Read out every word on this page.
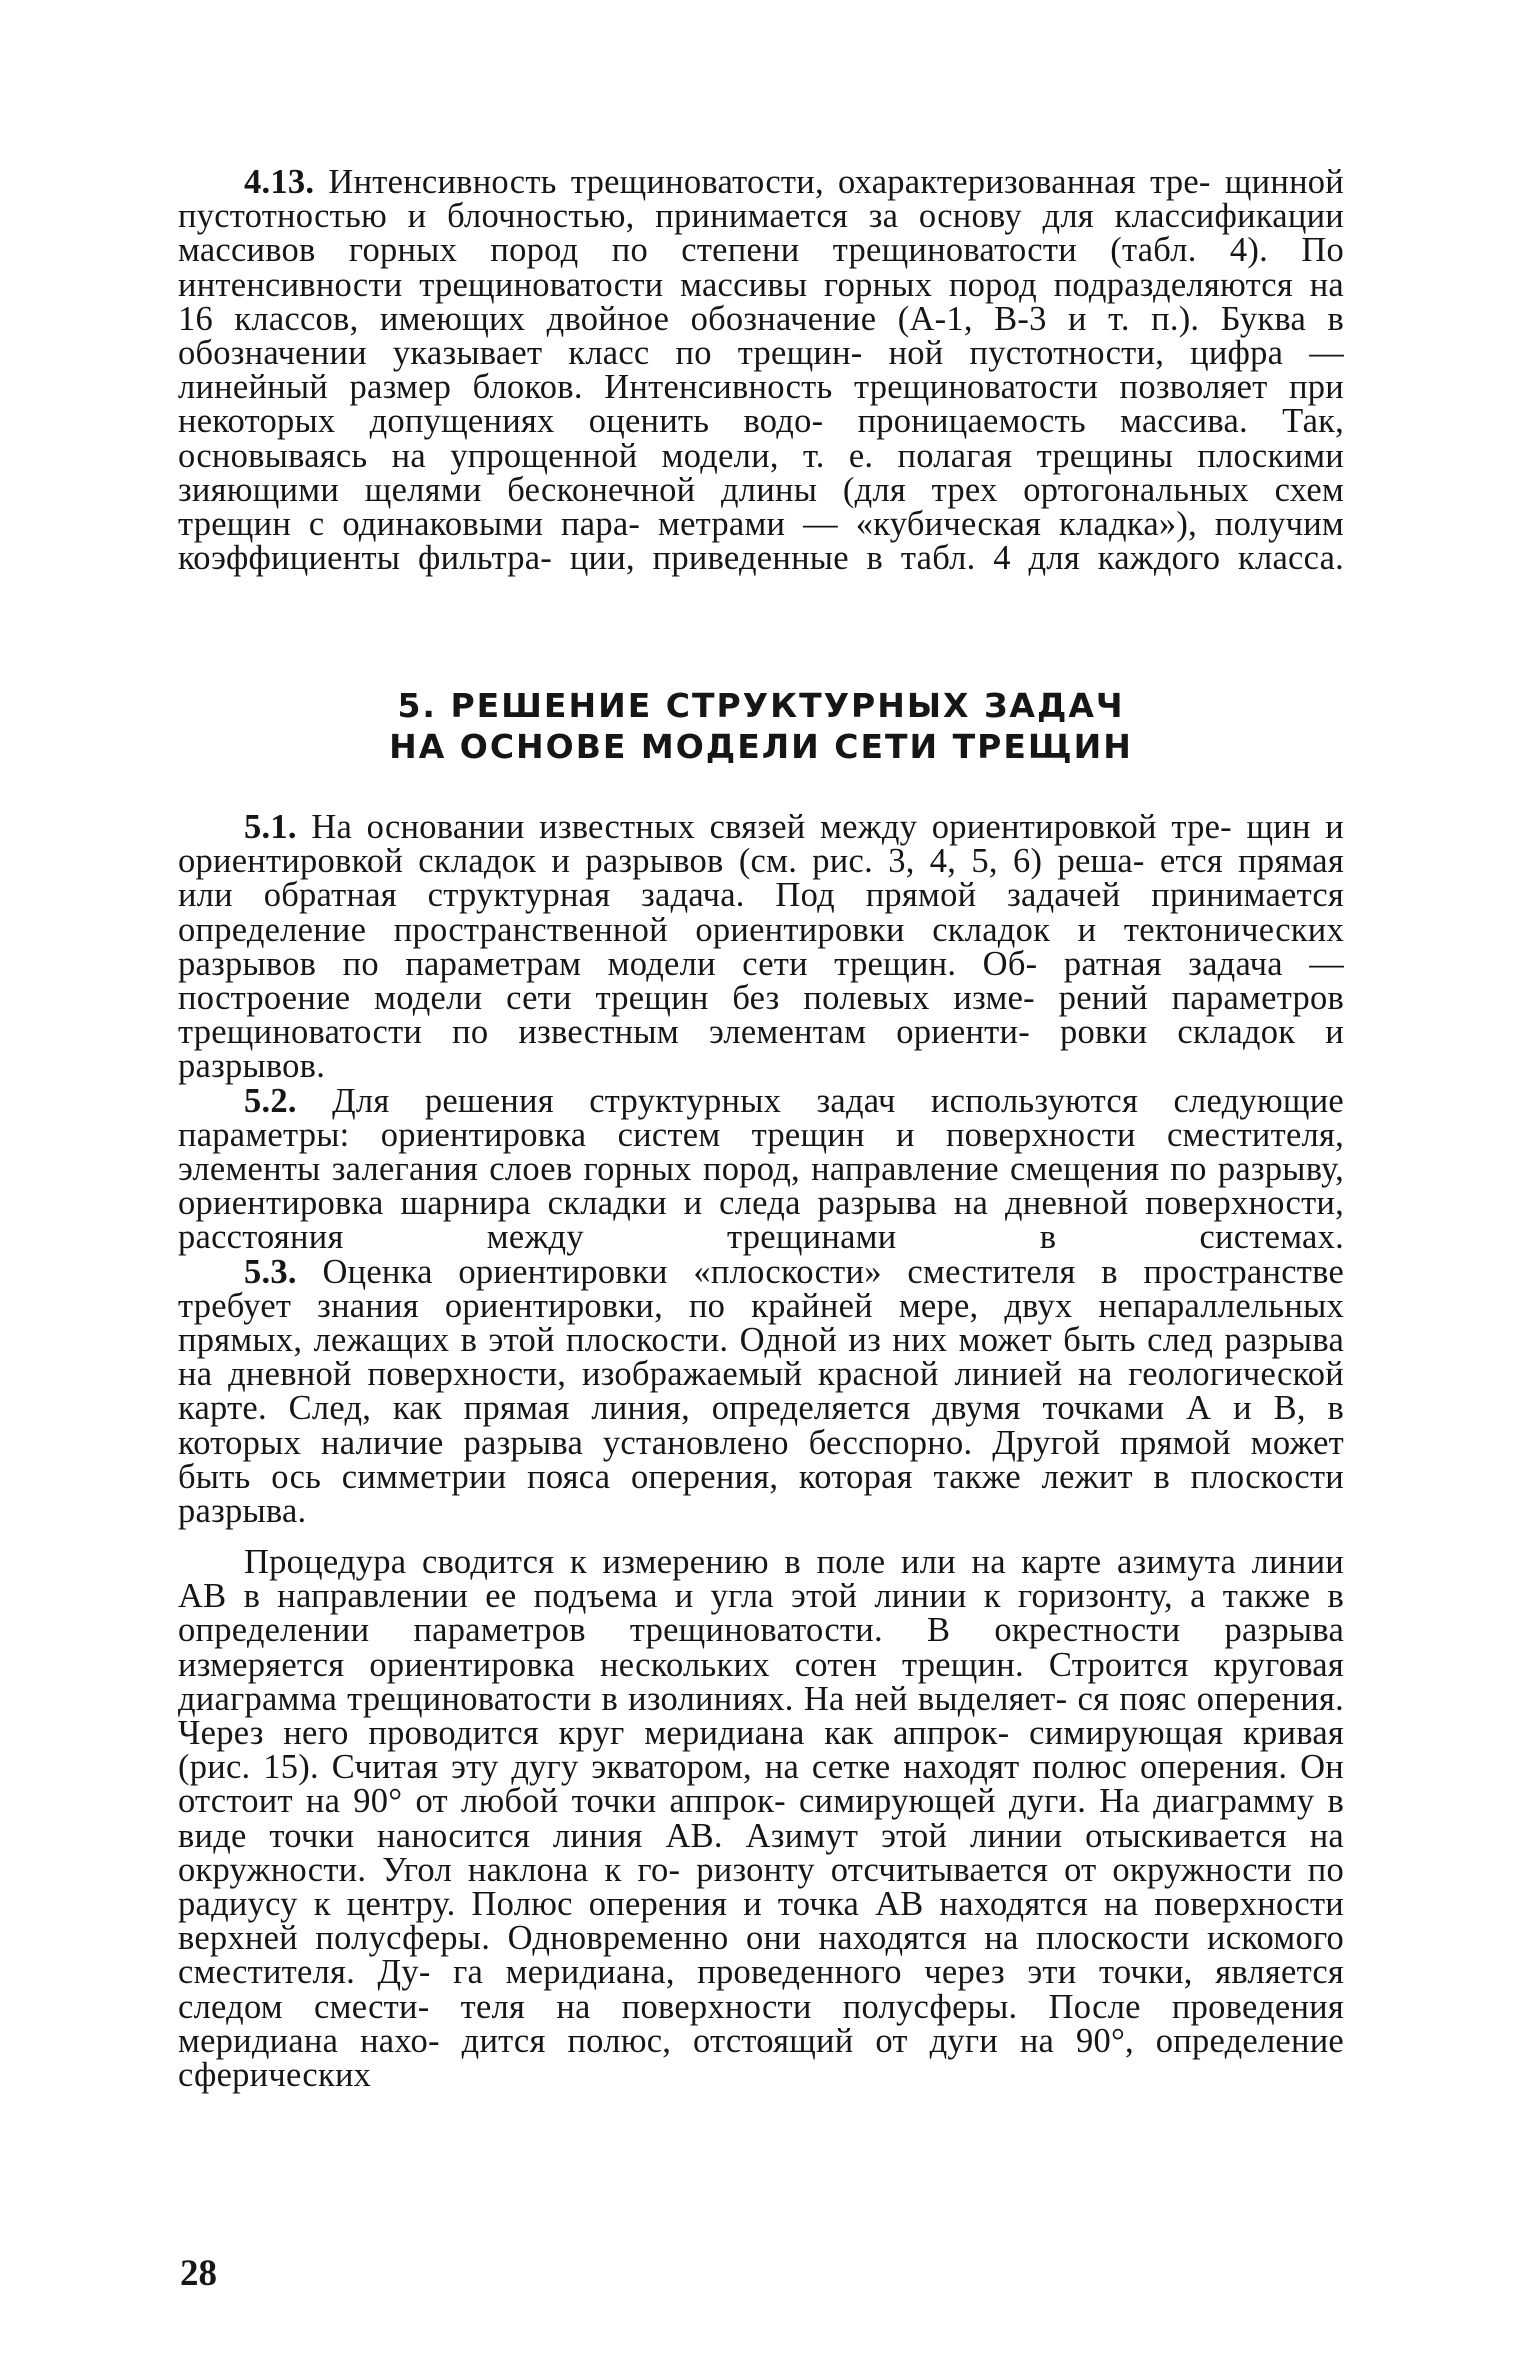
4.13. Интенсивность трещиноватости, охарактеризованная тре- щинной пустотностью и блочностью, принимается за основу для классификации массивов горных пород по степени трещиноватости (табл. 4). По интенсивности трещиноватости массивы горных пород подразделяются на 16 классов, имеющих двойное обозначение (А-1, В-3 и т. п.). Буква в обозначении указывает класс по трещин- ной пустотности, цифра — линейный размер блоков. Интенсивность трещиноватости позволяет при некоторых допущениях оценить водо- проницаемость массива. Так, основываясь на упрощенной модели, т. е. полагая трещины плоскими зияющими щелями бесконечной длины (для трех ортогональных схем трещин с одинаковыми пара- метрами — «кубическая кладка»), получим коэффициенты фильтра- ции, приведенные в табл. 4 для каждого класса.

5. РЕШЕНИЕ СТРУКТУРНЫХ ЗАДАЧ
НА ОСНОВЕ МОДЕЛИ СЕТИ ТРЕЩИН

5.1. На основании известных связей между ориентировкой тре- щин и ориентировкой складок и разрывов (см. рис. 3, 4, 5, 6) реша- ется прямая или обратная структурная задача. Под прямой задачей принимается определение пространственной ориентировки складок и тектонических разрывов по параметрам модели сети трещин. Об- ратная задача — построение модели сети трещин без полевых изме- рений параметров трещиноватости по известным элементам ориенти- ровки складок и разрывов.

5.2. Для решения структурных задач используются следующие параметры: ориентировка систем трещин и поверхности сместителя, элементы залегания слоев горных пород, направление смещения по разрыву, ориентировка шарнира складки и следа разрыва на дневной поверхности, расстояния между трещинами в системах.

5.3. Оценка ориентировки «плоскости» сместителя в пространстве требует знания ориентировки, по крайней мере, двух непараллельных прямых, лежащих в этой плоскости. Одной из них может быть след разрыва на дневной поверхности, изображаемый красной линией на геологической карте. След, как прямая линия, определяется двумя точками А и В, в которых наличие разрыва установлено бесспорно. Другой прямой может быть ось симметрии пояса оперения, которая также лежит в плоскости разрыва.

Процедура сводится к измерению в поле или на карте азимута линии АВ в направлении ее подъема и угла этой линии к горизонту, а также в определении параметров трещиноватости. В окрестности разрыва измеряется ориентировка нескольких сотен трещин. Строится круговая диаграмма трещиноватости в изолиниях. На ней выделяет- ся пояс оперения. Через него проводится круг меридиана как аппрок- симирующая кривая (рис. 15). Считая эту дугу экватором, на сетке находят полюс оперения. Он отстоит на 90° от любой точки аппрок- симирующей дуги. На диаграмму в виде точки наносится линия АВ. Азимут этой линии отыскивается на окружности. Угол наклона к го- ризонту отсчитывается от окружности по радиусу к центру. Полюс оперения и точка АВ находятся на поверхности верхней полусферы. Одновременно они находятся на плоскости искомого сместителя. Ду- га меридиана, проведенного через эти точки, является следом смести- теля на поверхности полусферы. После проведения меридиана нахо- дится полюс, отстоящий от дуги на 90°, определение сферических

28
